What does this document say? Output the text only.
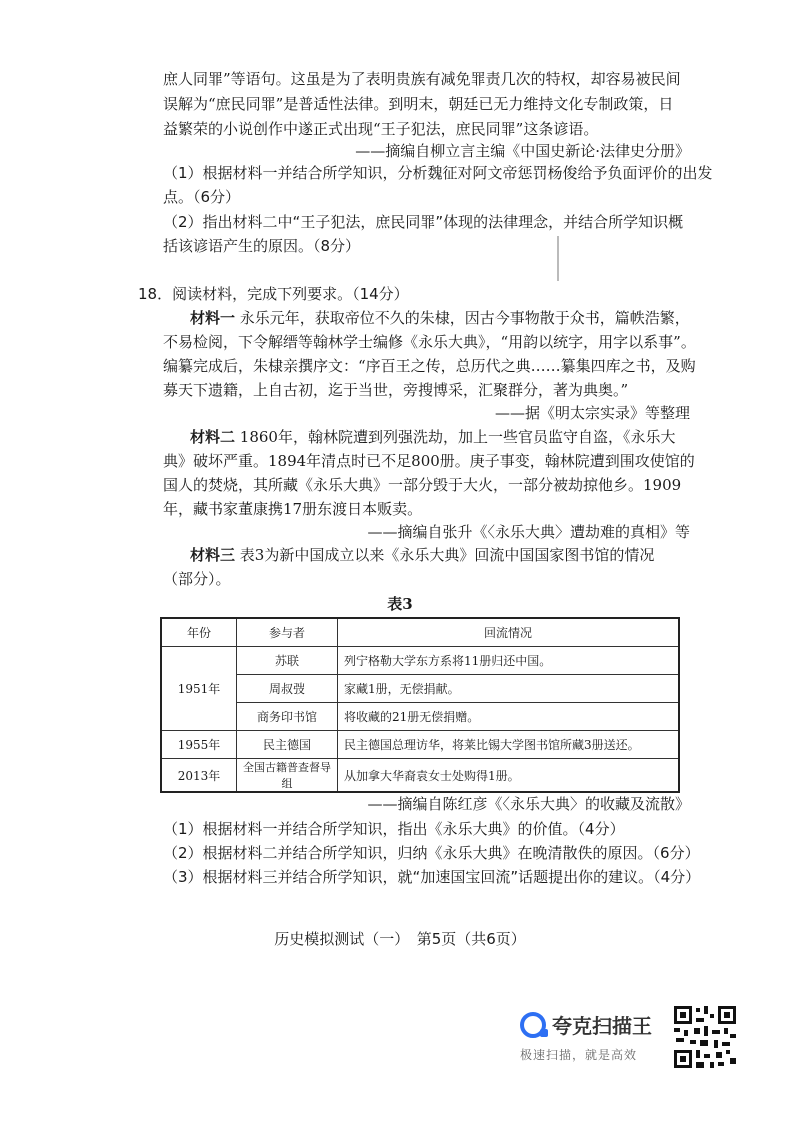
庶人同罪”等语句。这虽是为了表明贵族有减免罪责几次的特权，却容易被民间
误解为“庶民同罪”是普适性法律。到明末，朝廷已无力维持文化专制政策，日
益繁荣的小说创作中遂正式出现“王子犯法，庶民同罪”这条谚语。
——摘编自柳立言主编《中国史新论·法律史分册》
（1）根据材料一并结合所学知识，分析魏征对阿文帝惩罚杨俊给予负面评价的出发
点。（6分）
（2）指出材料二中“王子犯法，庶民同罪”体现的法律理念，并结合所学知识概
括该谚语产生的原因。（8分）
18．阅读材料，完成下列要求。（14分）
材料一 永乐元年，获取帝位不久的朱棣，因古今事物散于众书，篇帙浩繁，
不易检阅，下令解缙等翰林学士编修《永乐大典》，“用韵以统字，用字以系事”。
编纂完成后，朱棣亲撰序文：“序百王之传，总历代之典……纂集四库之书，及购
募天下遗籍，上自古初，迄于当世，旁搜博采，汇聚群分，著为典奥。”
——据《明太宗实录》等整理
材料二 1860年，翰林院遭到列强洗劫，加上一些官员监守自盗，《永乐大
典》破坏严重。1894年清点时已不足800册。庚子事变，翰林院遭到围攻使馆的
国人的焚烧，其所藏《永乐大典》一部分毁于大火，一部分被劫掠他乡。1909
年，藏书家董康携17册东渡日本贩卖。
——摘编自张升《〈永乐大典〉遭劫难的真相》等
材料三 表3为新中国成立以来《永乐大典》回流中国国家图书馆的情况
（部分）。
表3
年份	参与者	回流情况
1951年	苏联	列宁格勒大学东方系将11册归还中国。
	周叔弢	家藏1册，无偿捐献。
	商务印书馆	将收藏的21册无偿捐赠。
1955年	民主德国	民主德国总理访华，将莱比锡大学图书馆所藏3册送还。
2013年	全国古籍普查督导组	从加拿大华裔袁女士处购得1册。
——摘编自陈红彦《〈永乐大典〉的收藏及流散》
（1）根据材料一并结合所学知识，指出《永乐大典》的价值。（4分）
（2）根据材料二并结合所学知识，归纳《永乐大典》在晚清散佚的原因。（6分）
（3）根据材料三并结合所学知识，就“加速国宝回流”话题提出你的建议。（4分）
历史模拟测试（一）　第5页（共6页）
夸克扫描王
极速扫描，就是高效
